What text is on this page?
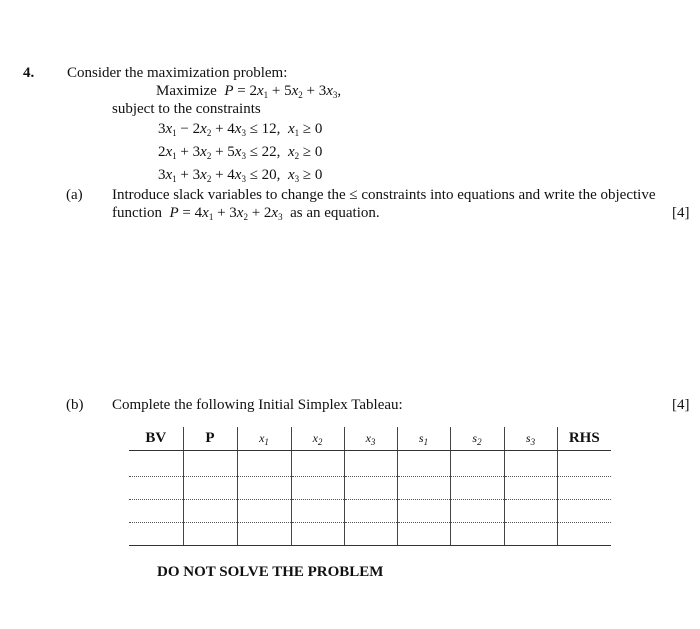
4. Consider the maximization problem:
Maximize $P = 2x_1 + 5x_2 + 3x_3$,
subject to the constraints
$3x_1 - 2x_2 + 4x_3 \le 12$, $x_1 \ge 0$
$2x_1 + 3x_2 + 5x_3 \le 22$, $x_2 \ge 0$
$3x_1 + 3x_2 + 4x_3 \le 20$, $x_3 \ge 0$
(a) Introduce slack variables to change the ≤ constraints into equations and write the objective
function $P = 4x_1 + 3x_2 + 2x_3$ as an equation.	[4]
(b) Complete the following Initial Simplex Tableau:	[4]
BV	P	$x_1$	$x_2$	$x_3$	$s_1$	$s_2$	$s_3$	RHS

DO NOT SOLVE THE PROBLEM
